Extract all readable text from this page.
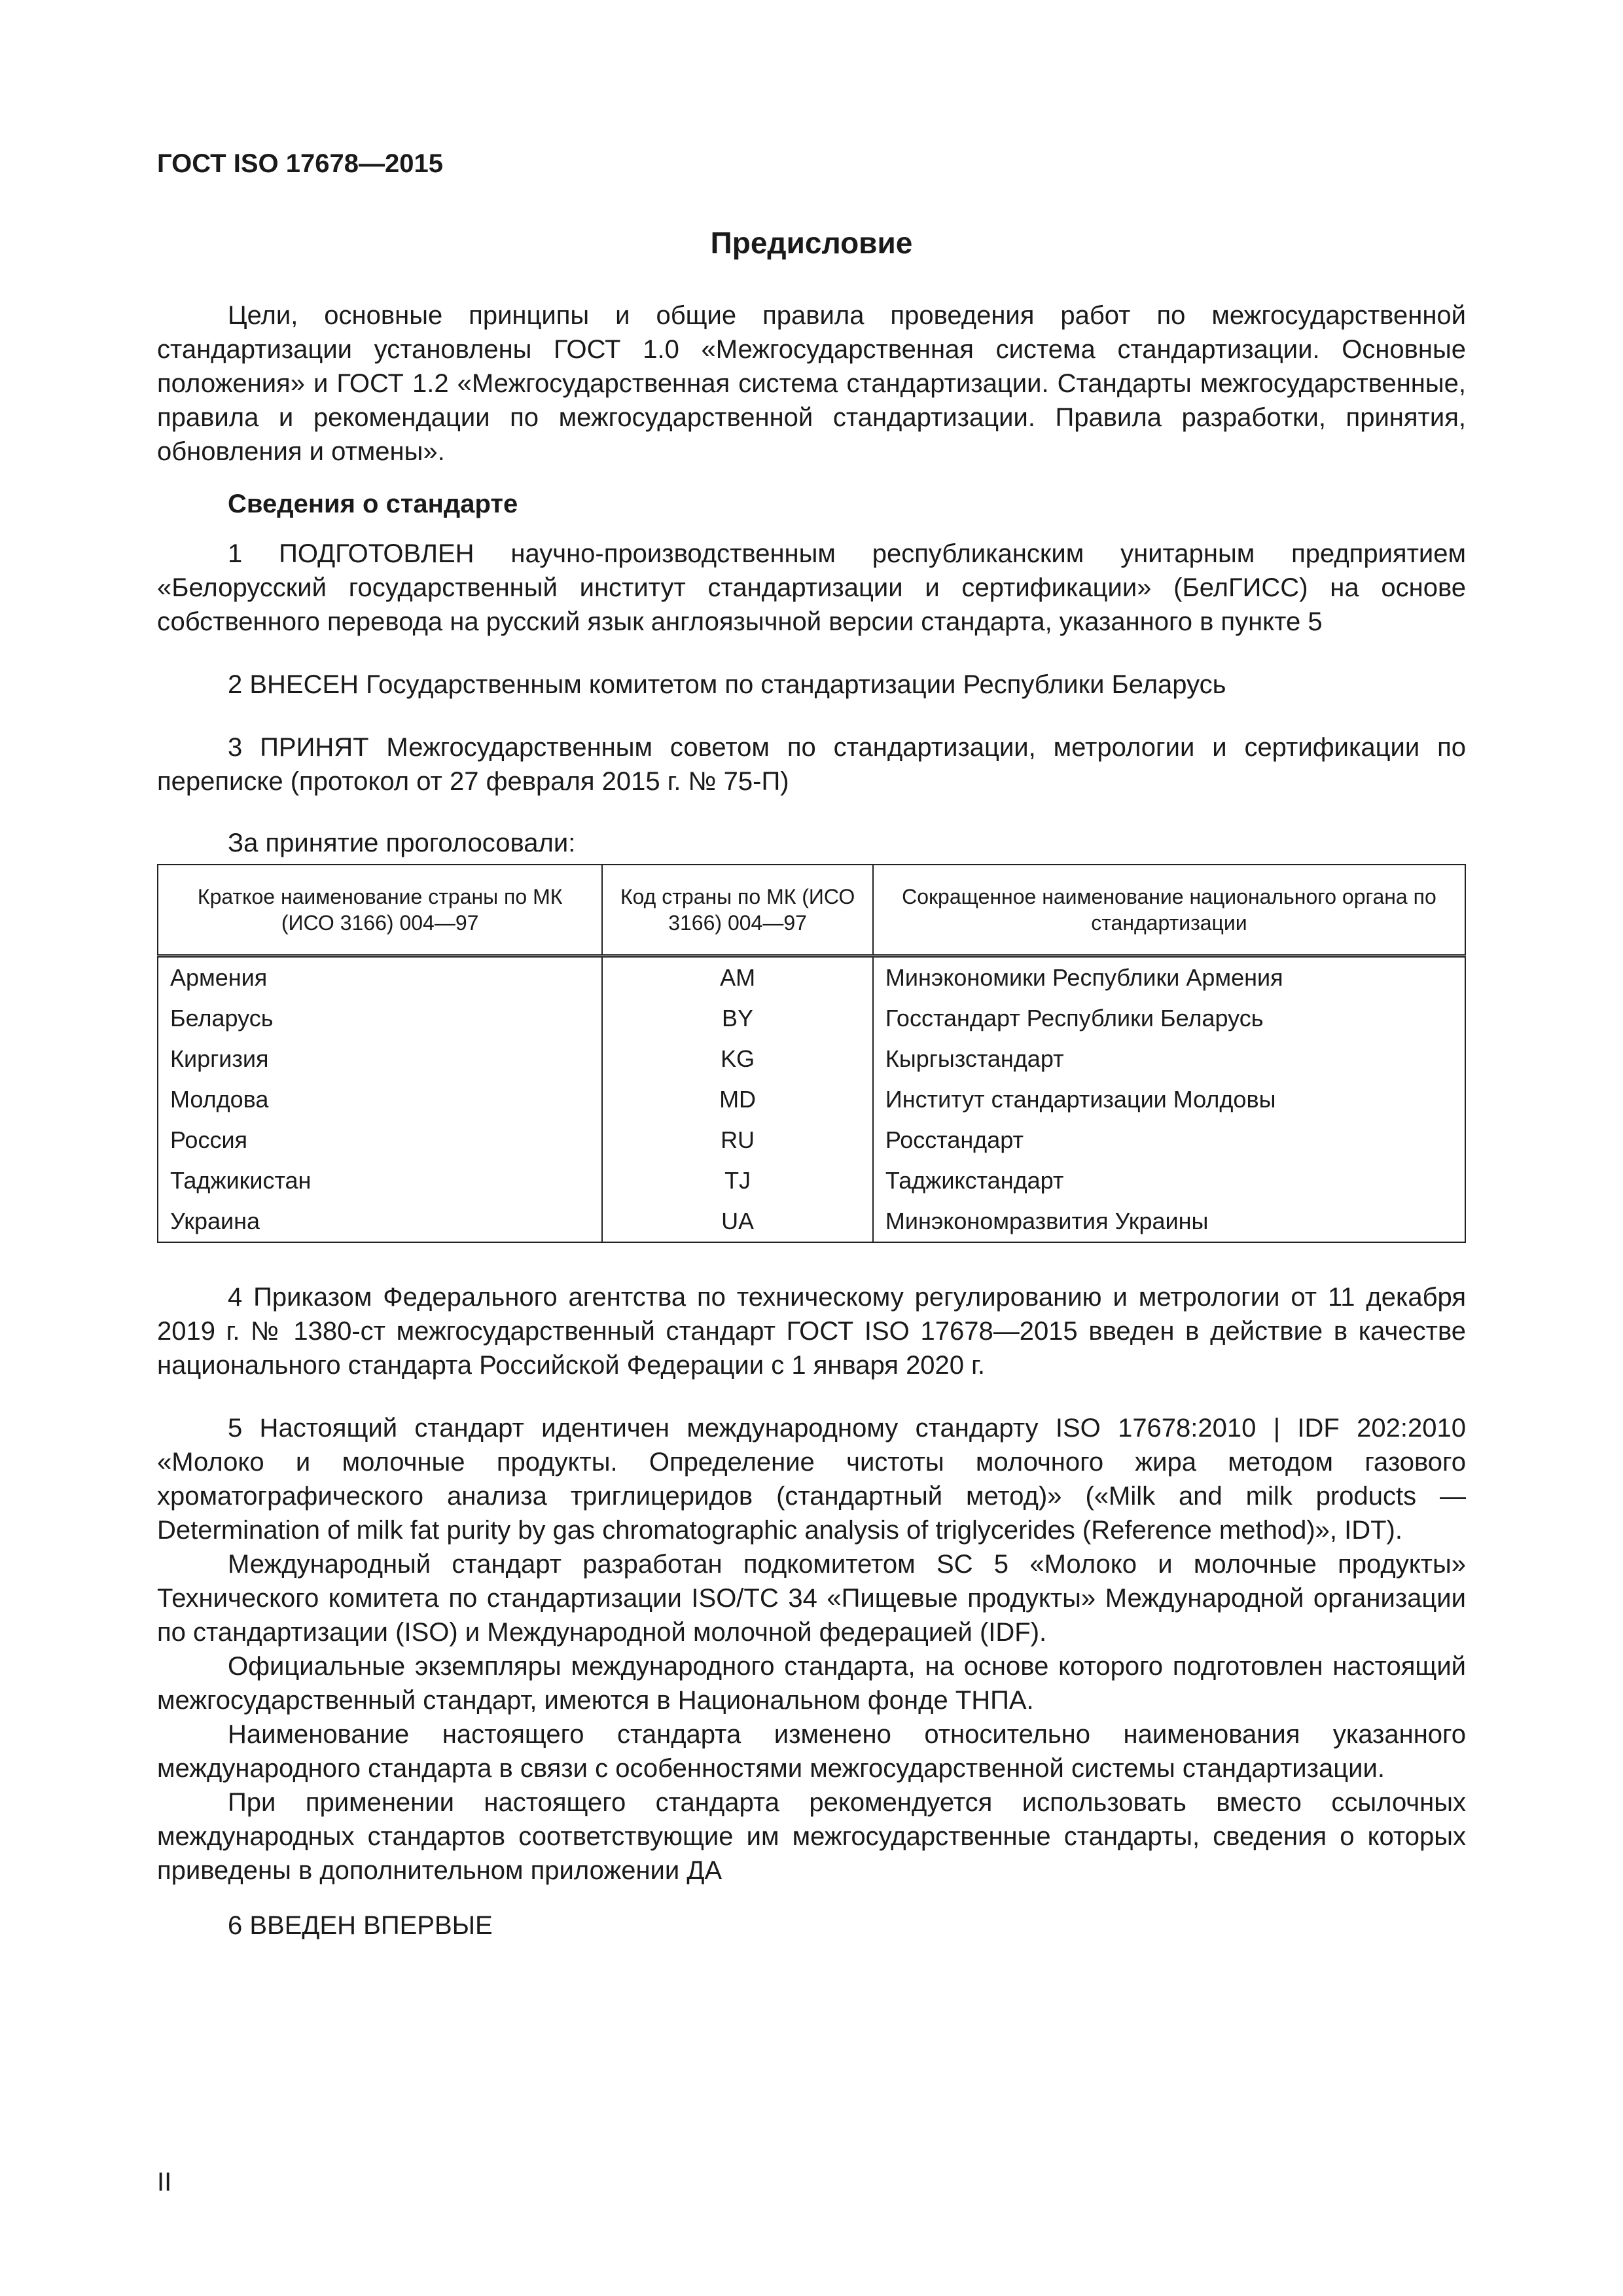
ГОСТ ISO 17678—2015
Предисловие

Цели, основные принципы и общие правила проведения работ по межгосударственной стандартизации установлены ГОСТ 1.0 «Межгосударственная система стандартизации. Основные положения» и ГОСТ 1.2 «Межгосударственная система стандартизации. Стандарты межгосударственные, правила и рекомендации по межгосударственной стандартизации. Правила разработки, принятия, обновления и отмены».

Сведения о стандарте

1 ПОДГОТОВЛЕН научно-производственным республиканским унитарным предприятием «Белорусский государственный институт стандартизации и сертификации» (БелГИСС) на основе собственного перевода на русский язык англоязычной версии стандарта, указанного в пункте 5

2 ВНЕСЕН Государственным комитетом по стандартизации Республики Беларусь

3 ПРИНЯТ Межгосударственным советом по стандартизации, метрологии и сертификации по переписке (протокол от 27 февраля 2015 г. № 75-П)

За принятие проголосовали:

Краткое наименование страны по МК (ИСО 3166) 004—97	Код страны по МК (ИСО 3166) 004—97	Сокращенное наименование национального органа по стандартизации
Армения	AM	Минэкономики Республики Армения
Беларусь	BY	Госстандарт Республики Беларусь
Киргизия	KG	Кыргызстандарт
Молдова	MD	Институт стандартизации Молдовы
Россия	RU	Росстандарт
Таджикистан	TJ	Таджикстандарт
Украина	UA	Минэкономразвития Украины

4 Приказом Федерального агентства по техническому регулированию и метрологии от 11 декабря 2019 г. № 1380-ст межгосударственный стандарт ГОСТ ISO 17678—2015 введен в действие в качестве национального стандарта Российской Федерации с 1 января 2020 г.

5 Настоящий стандарт идентичен международному стандарту ISO 17678:2010 | IDF 202:2010 «Молоко и молочные продукты. Определение чистоты молочного жира методом газового хроматографического анализа триглицеридов (стандартный метод)» («Milk and milk products — Determination of milk fat purity by gas chromatographic analysis of triglycerides (Reference method)», IDT).

Международный стандарт разработан подкомитетом SC 5 «Молоко и молочные продукты» Технического комитета по стандартизации ISO/TC 34 «Пищевые продукты» Международной организации по стандартизации (ISO) и Международной молочной федерацией (IDF).

Официальные экземпляры международного стандарта, на основе которого подготовлен настоящий межгосударственный стандарт, имеются в Национальном фонде ТНПА.

Наименование настоящего стандарта изменено относительно наименования указанного международного стандарта в связи с особенностями межгосударственной системы стандартизации.

При применении настоящего стандарта рекомендуется использовать вместо ссылочных международных стандартов соответствующие им межгосударственные стандарты, сведения о которых приведены в дополнительном приложении ДА

6 ВВЕДЕН ВПЕРВЫЕ

II
